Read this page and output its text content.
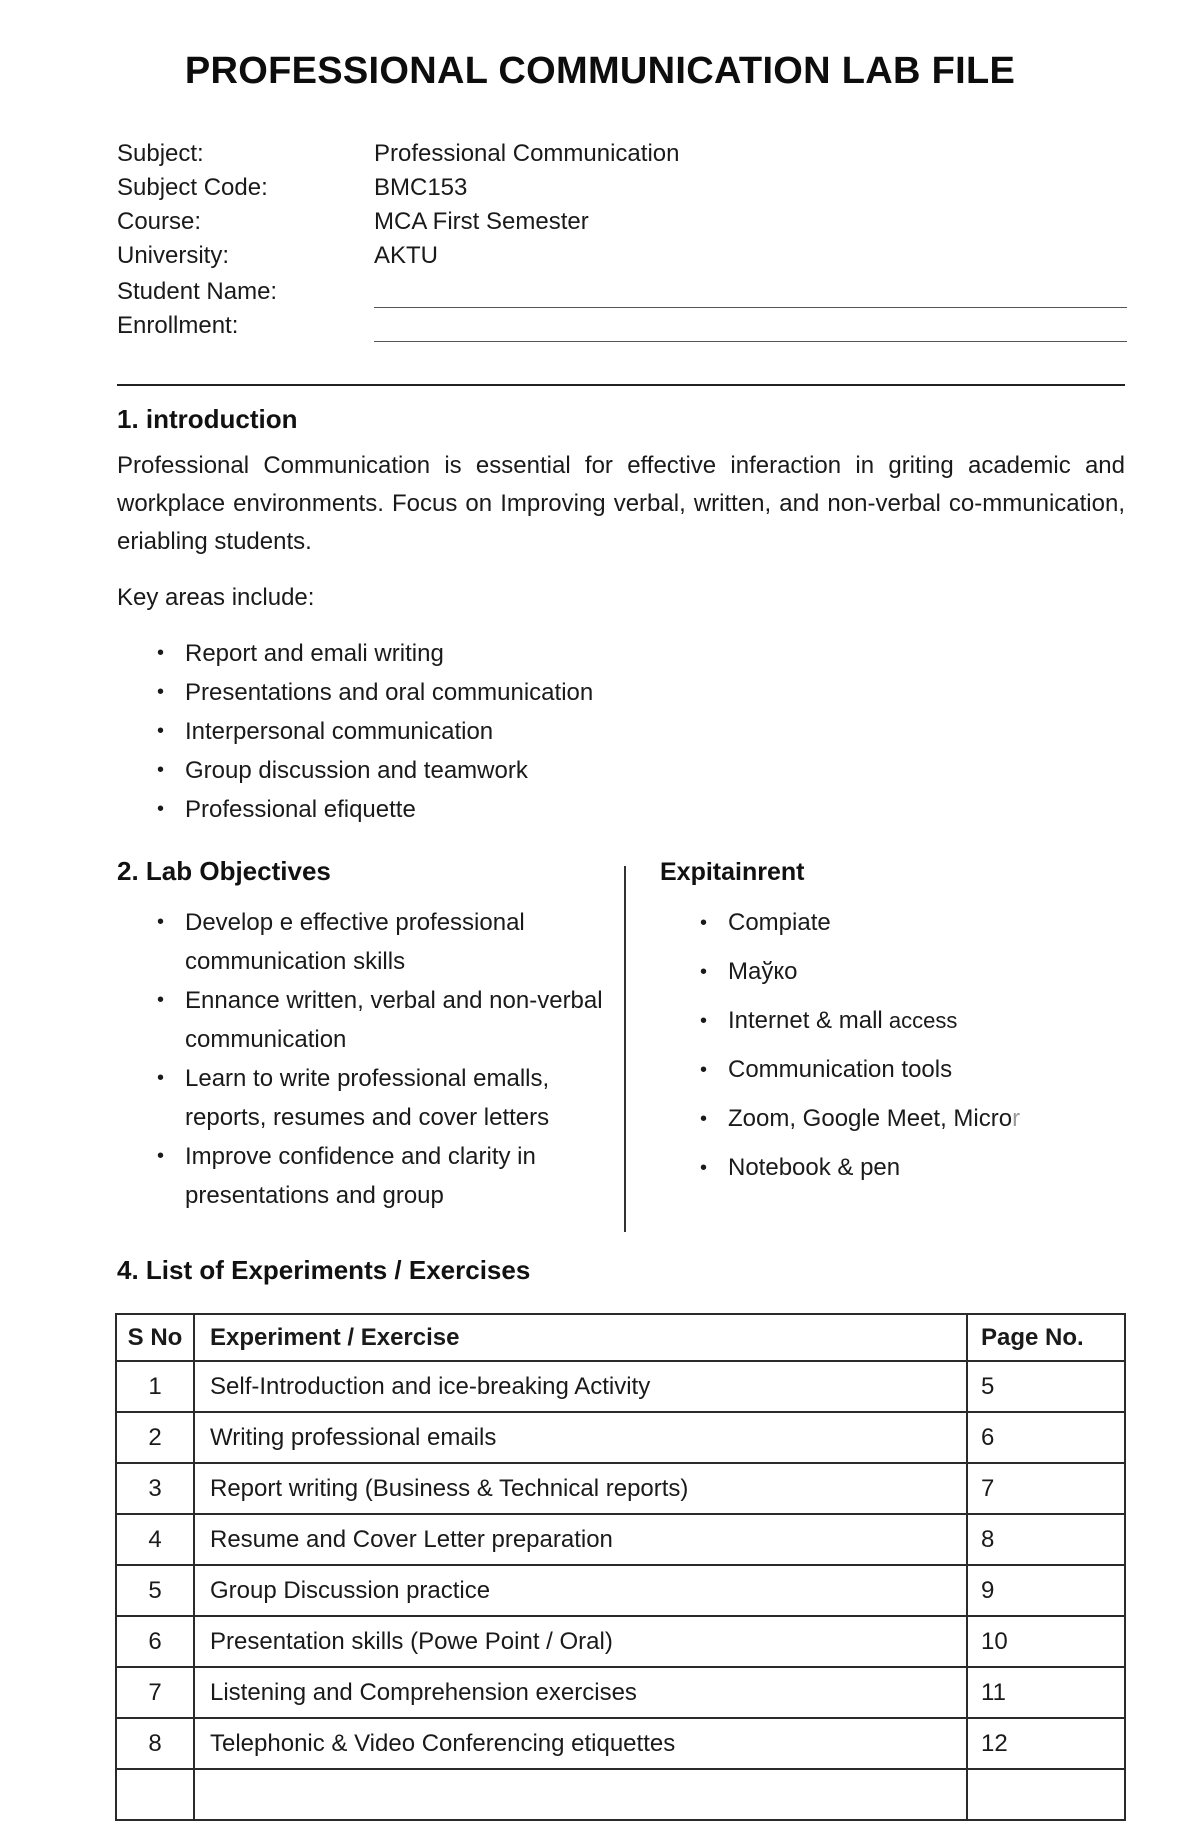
PROFESSIONAL COMMUNICATION LAB FILE
Subject:	Professional Communication
Subject Code:	BMC153
Course:	MCA First Semester
University:	AKTU
Student Name:
Enrollment:
1. introduction
Professional Communication is essential for effective inferaction in griting academic and workplace environments. Focus on Improving verbal, written, and non-verbal co-mmunication, eriabling students.
Key areas include:
• Report and emali writing
• Presentations and oral communication
• Interpersonal communication
• Group discussion and teamwork
• Professional efiquette
2. Lab Objectives
• Develop e effective professional communication skills
• Ennance written, verbal and non-verbal communication
• Learn to write professional emalls, reports, resumes and cover letters
• Improve confidence and clarity in presentations and group
Expitainrent
• Compiate
• Mаўко
• Internet & mall access
• Communication tools
• Zoom, Google Meet, Micror
• Notebook & pen
4. List of Experiments / Exercises
S No	Experiment / Exercise	Page No.
1	Self-Introduction and ice-breaking Activity	5
2	Writing professional emails	6
3	Report writing (Business & Technical reports)	7
4	Resume and Cover Letter preparation	8
5	Group Discussion practice	9
6	Presentation skills (Powe Point / Oral)	10
7	Listening and Comprehension exercises	11
8	Telephonic & Video Conferencing etiquettes	12
